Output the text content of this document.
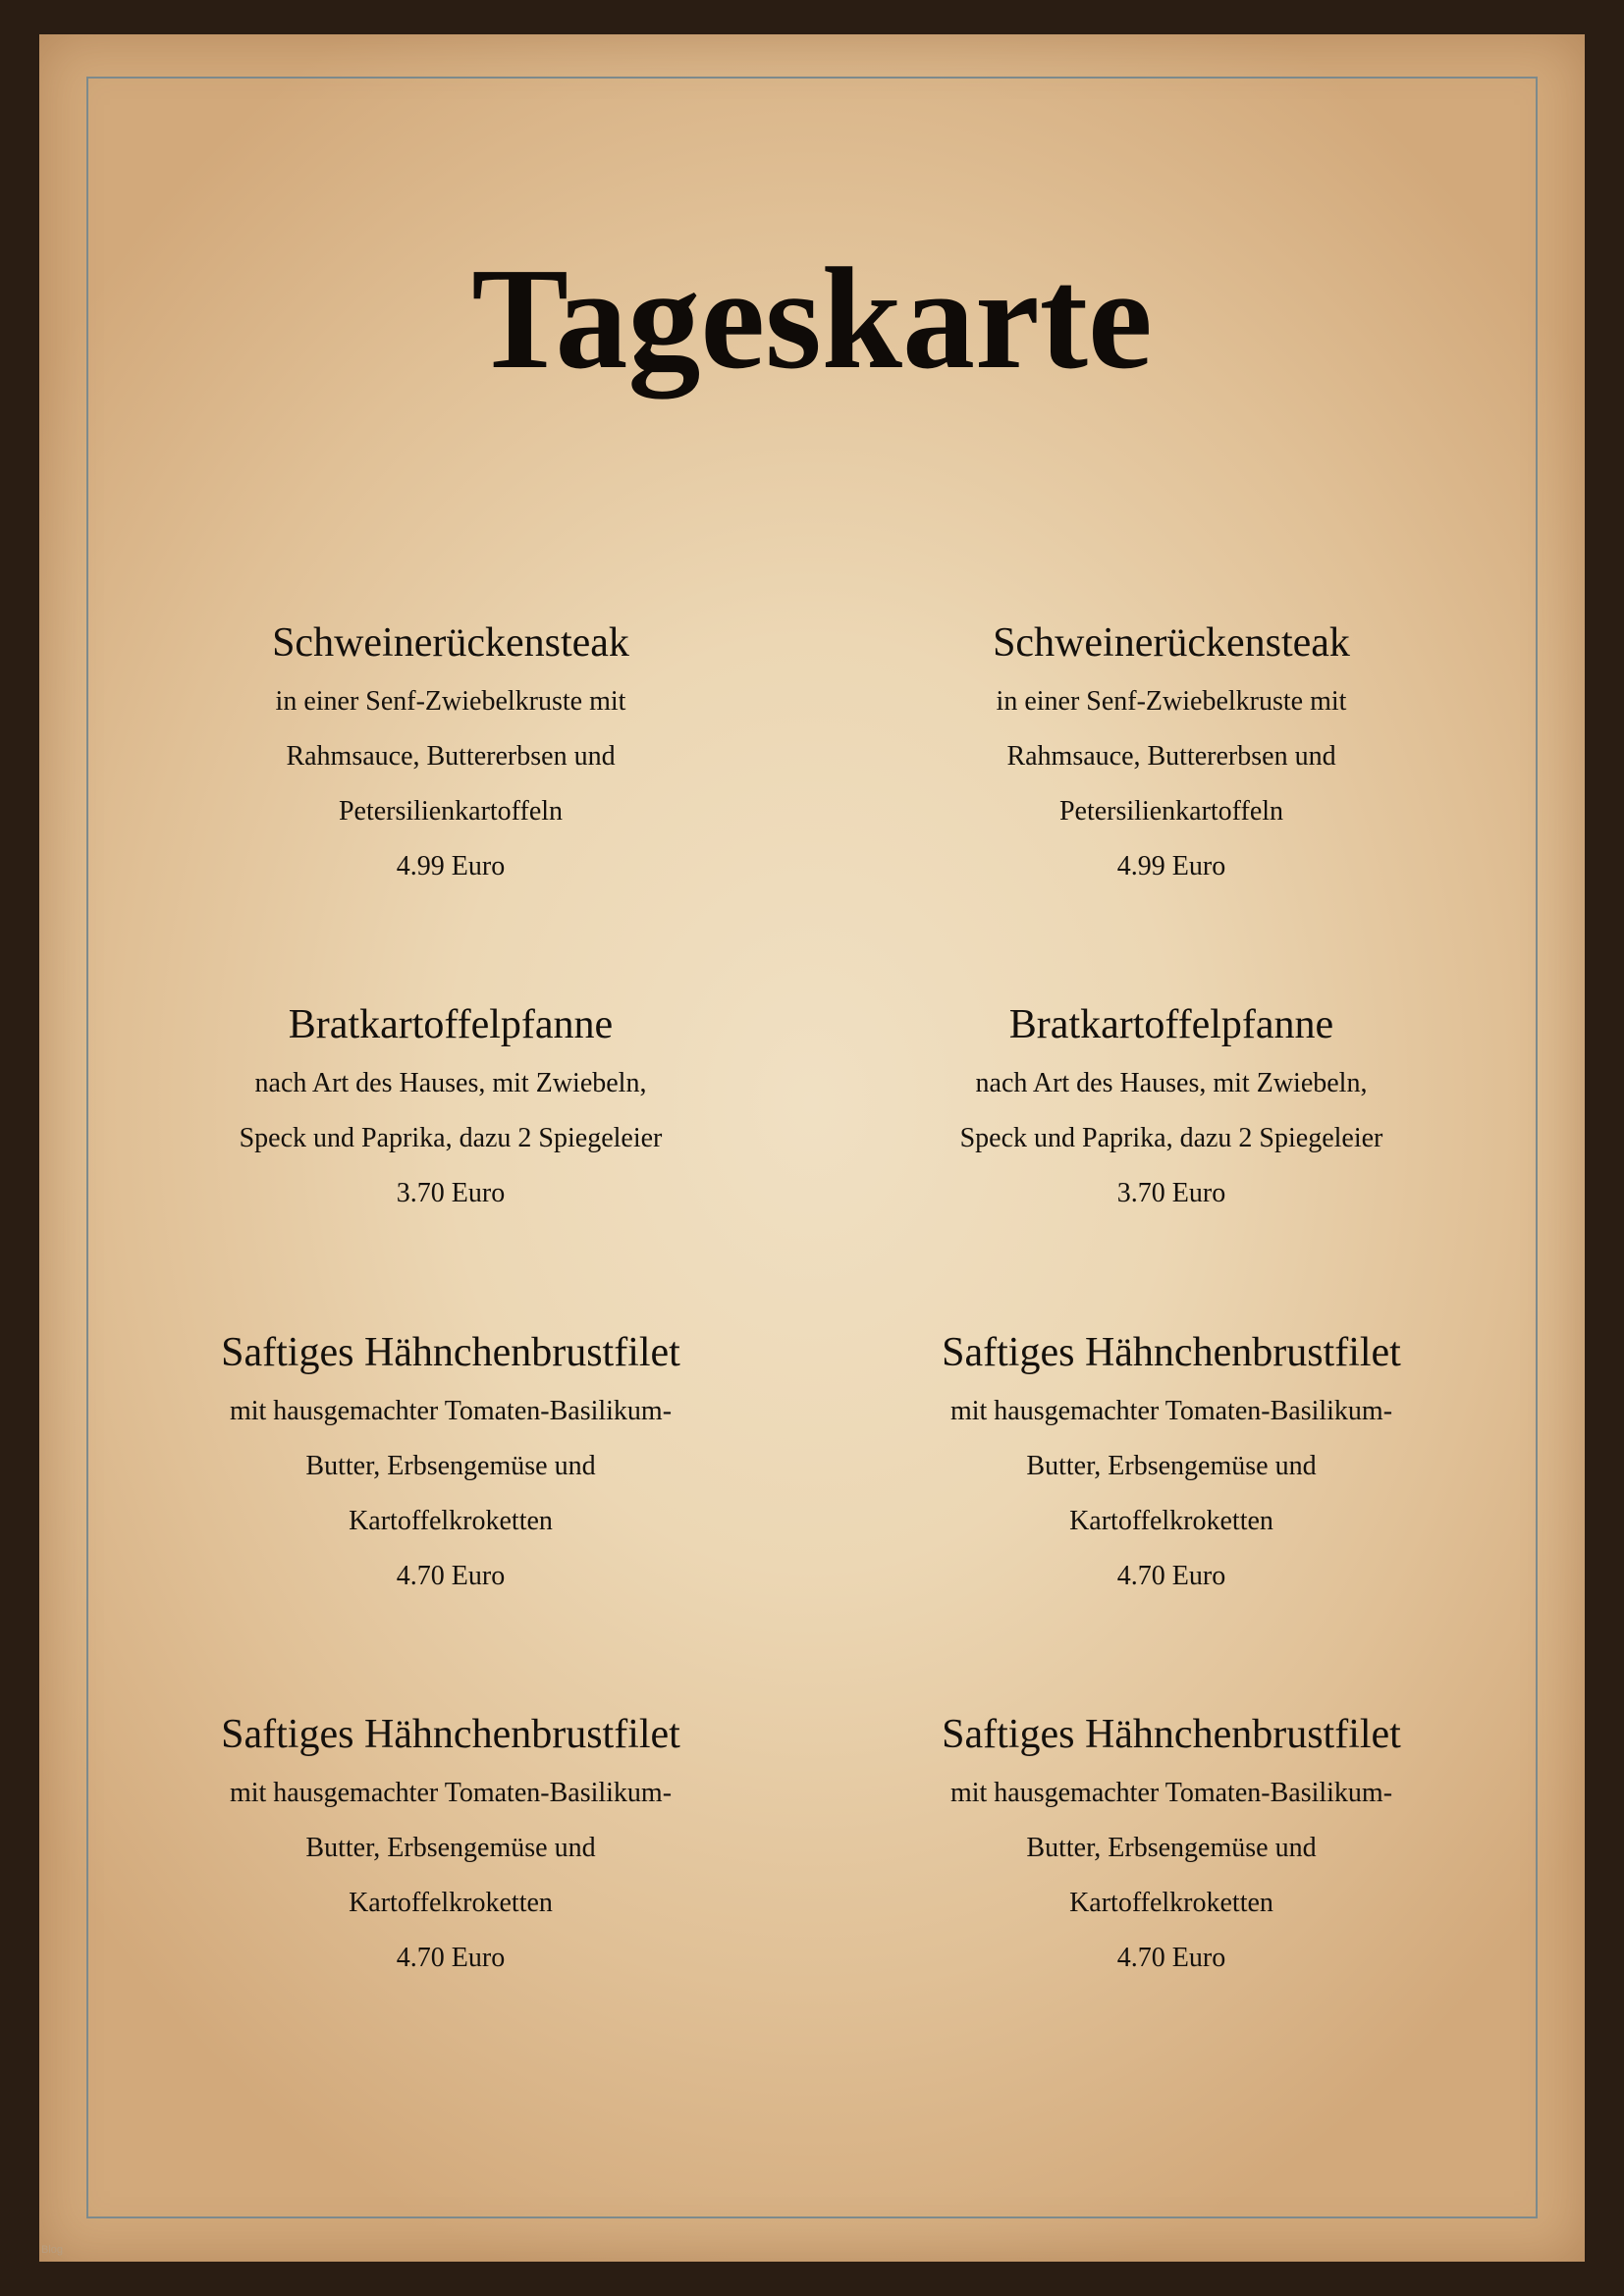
Tageskarte
Schweinerückensteak

in einer Senf-Zwiebelkruste mit

Rahmsauce, Buttererbsen und

Petersilienkartoffeln

4.99 Euro

Schweinerückensteak

in einer Senf-Zwiebelkruste mit

Rahmsauce, Buttererbsen und

Petersilienkartoffeln

4.99 Euro

Bratkartoffelpfanne

nach Art des Hauses, mit Zwiebeln,

Speck und Paprika, dazu 2 Spiegeleier

3.70 Euro

Bratkartoffelpfanne

nach Art des Hauses, mit Zwiebeln,

Speck und Paprika, dazu 2 Spiegeleier

3.70 Euro

Saftiges Hähnchenbrustfilet

mit hausgemachter Tomaten-Basilikum-

Butter, Erbsengemüse und

Kartoffelkroketten

4.70 Euro

Saftiges Hähnchenbrustfilet

mit hausgemachter Tomaten-Basilikum-

Butter, Erbsengemüse und

Kartoffelkroketten

4.70 Euro

Saftiges Hähnchenbrustfilet

mit hausgemachter Tomaten-Basilikum-

Butter, Erbsengemüse und

Kartoffelkroketten

4.70 Euro

Saftiges Hähnchenbrustfilet

mit hausgemachter Tomaten-Basilikum-

Butter, Erbsengemüse und

Kartoffelkroketten

4.70 Euro

Blog
